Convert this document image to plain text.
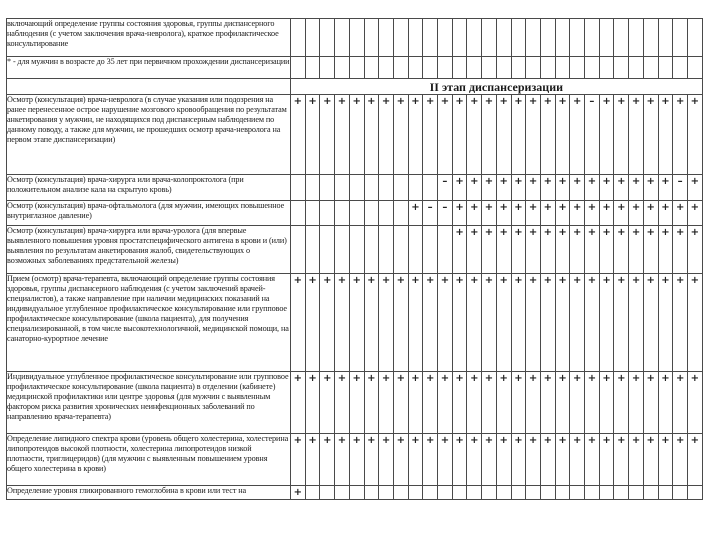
включающий определение группы состояния здоровья, группы диспансерного наблюдения (с учетом заключения врача-невролога), краткое профилактическое консультирование																												
* - для мужчин в возрасте до 35 лет при первичном прохождении диспансеризации																												
	II этап диспансеризации																											
Осмотр (консультация) врача-невролога (в случае указания или подозрения на ранее перенесенное острое нарушение мозгового кровообращения по результатам анкетирования у мужчин, не находящихся под диспансерным наблюдением по данному поводу, а также для мужчин, не прошедших осмотр врача-невролога на первом этапе диспансеризации)	+	+	+	+	+	+	+	+	+	+	+	+	+	+	+	+	+	+	+	+	–	+	+	+	+	+	+	+
Осмотр (консультация) врача-хирурга или врача-колопроктолога (при положительном анализе кала на скрытую кровь)											–	+	+	+	+	+	+	+	+	+	+	+	+	+	+	+	–	+
Осмотр (консультация) врача-офтальмолога (для мужчин, имеющих повышенное внутриглазное давление)									+	–	–	+	+	+	+	+	+	+	+	+	+	+	+	+	+	+	+	+
Осмотр (консультация) врача-хирурга или врача-уролога (для впервые выявленного повышения уровня простатспецифического антигена в крови и (или) выявления по результатам анкетирования жалоб, свидетельствующих о возможных заболеваниях предстательной железы)												+	+	+	+	+	+	+	+	+	+	+	+	+	+	+	+	+
Прием (осмотр) врача-терапевта, включающий определение группы состояния здоровья, группы диспансерного наблюдения (с учетом заключений врачей-специалистов), а также направление при наличии медицинских показаний на индивидуальное углубленное профилактическое консультирование или групповое профилактическое консультирование (школа пациента), для получения специализированной, в том числе высокотехнологичной, медицинской помощи, на санаторно-курортное лечение	+	+	+	+	+	+	+	+	+	+	+	+	+	+	+	+	+	+	+	+	+	+	+	+	+	+	+	+
Индивидуальное углубленное профилактическое консультирование или групповое профилактическое консультирование (школа пациента) в отделении (кабинете) медицинской профилактики или центре здоровья (для мужчин с выявленным фактором риска развития хронических неинфекционных заболеваний по направлению врача-терапевта)	+	+	+	+	+	+	+	+	+	+	+	+	+	+	+	+	+	+	+	+	+	+	+	+	+	+	+	+
Определение липидного спектра крови (уровень общего холестерина, холестерина липопротеидов высокой плотности, холестерина липопротеидов низкой плотности, триглицеридов) (для мужчин с выявленным повышением уровня общего холестерина в крови)	+	+	+	+	+	+	+	+	+	+	+	+	+	+	+	+	+	+	+	+	+	+	+	+	+	+	+	+
Определение уровня гликированного гемоглобина в крови или тест на	+																											
